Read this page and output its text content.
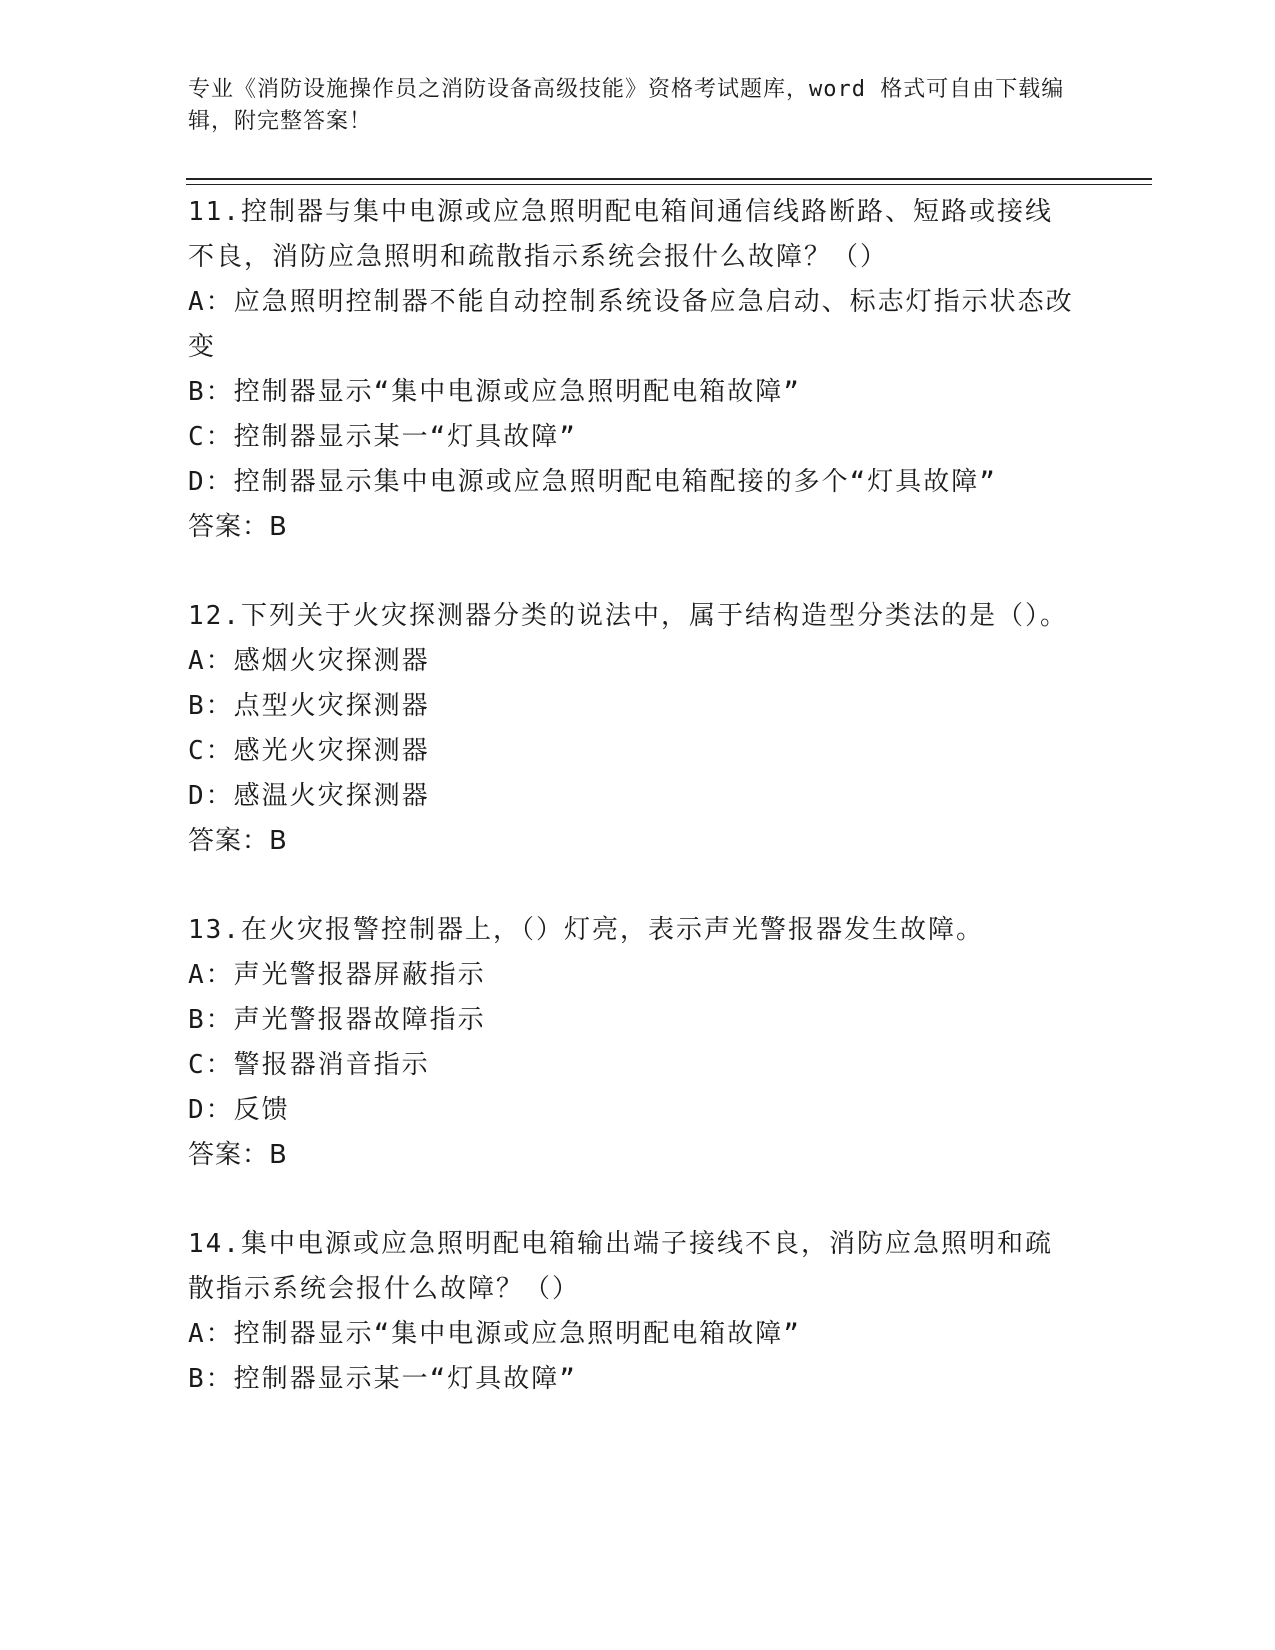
专业《消防设施操作员之消防设备高级技能》资格考试题库，word 格式可自由下载编辑，附完整答案！
11.控制器与集中电源或应急照明配电箱间通信线路断路、短路或接线不良，消防应急照明和疏散指示系统会报什么故障？（）
A：应急照明控制器不能自动控制系统设备应急启动、标志灯指示状态改变
B：控制器显示“集中电源或应急照明配电箱故障”
C：控制器显示某一“灯具故障”
D：控制器显示集中电源或应急照明配电箱配接的多个“灯具故障”
答案：B
12.下列关于火灾探测器分类的说法中，属于结构造型分类法的是（）。
A：感烟火灾探测器
B：点型火灾探测器
C：感光火灾探测器
D：感温火灾探测器
答案：B
13.在火灾报警控制器上，（）灯亮，表示声光警报器发生故障。
A：声光警报器屏蔽指示
B：声光警报器故障指示
C：警报器消音指示
D：反馈
答案：B
14.集中电源或应急照明配电箱输出端子接线不良，消防应急照明和疏散指示系统会报什么故障？（）
A：控制器显示“集中电源或应急照明配电箱故障”
B：控制器显示某一“灯具故障”
